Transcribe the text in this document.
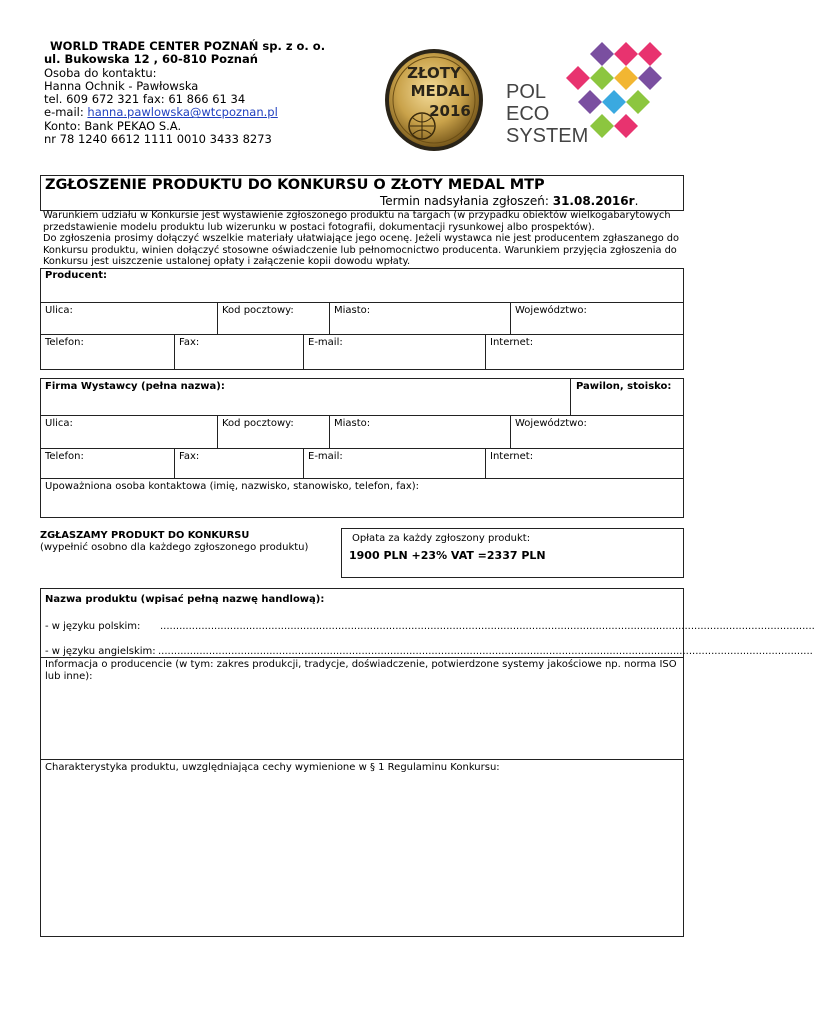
WORLD TRADE CENTER POZNAŃ sp. z o. o.
ul. Bukowska 12 , 60-810 Poznań
Osoba do kontaktu:
Hanna Ochnik - Pawłowska
tel. 609 672 321 fax: 61 866 61 34
e-mail: hanna.pawlowska@wtcpoznan.pl
Konto: Bank PEKAO S.A.
nr 78 1240 6612 1111 0010 3433 8273
ZŁOTY
MEDAL
2016
POL
ECO
SYSTEM
ZGŁOSZENIE PRODUKTU DO KONKURSU O ZŁOTY MEDAL MTP
Termin nadsyłania zgłoszeń: 31.08.2016r.
Warunkiem udziału w Konkursie jest wystawienie zgłoszonego produktu na targach (w przypadku obiektów wielkogabarytowych przedstawienie modelu produktu lub wizerunku w postaci fotografii, dokumentacji rysunkowej albo prospektów).
Do zgłoszenia prosimy dołączyć wszelkie materiały ułatwiające jego ocenę. Jeżeli wystawca nie jest producentem zgłaszanego do Konkursu produktu, winien dołączyć stosowne oświadczenie lub pełnomocnictwo producenta. Warunkiem przyjęcia zgłoszenia do Konkursu jest uiszczenie ustalonej opłaty i załączenie kopii dowodu wpłaty.
Producent:
Ulica:	Kod pocztowy:	Miasto:	Województwo:
Telefon:	Fax:	E-mail:	Internet:
Firma Wystawcy (pełna nazwa):	Pawilon, stoisko:
Ulica:	Kod pocztowy:	Miasto:	Województwo:
Telefon:	Fax:	E-mail:	Internet:
Upoważniona osoba kontaktowa (imię, nazwisko, stanowisko, telefon, fax):
ZGŁASZAMY PRODUKT DO KONKURSU
(wypełnić osobno dla każdego zgłoszonego produktu)
Opłata za każdy zgłoszony produkt:
1900 PLN +23% VAT =2337 PLN
Nazwa produktu (wpisać pełną nazwę handlową):
- w języku polskim: ..............................................................................................................................................................................................................
- w języku angielskim: ..............................................................................................................................................................................................................
Informacja o producencie (w tym: zakres produkcji, tradycje, doświadczenie, potwierdzone systemy jakościowe np. norma ISO lub inne):
Charakterystyka produktu, uwzględniająca cechy wymienione w § 1 Regulaminu Konkursu:
